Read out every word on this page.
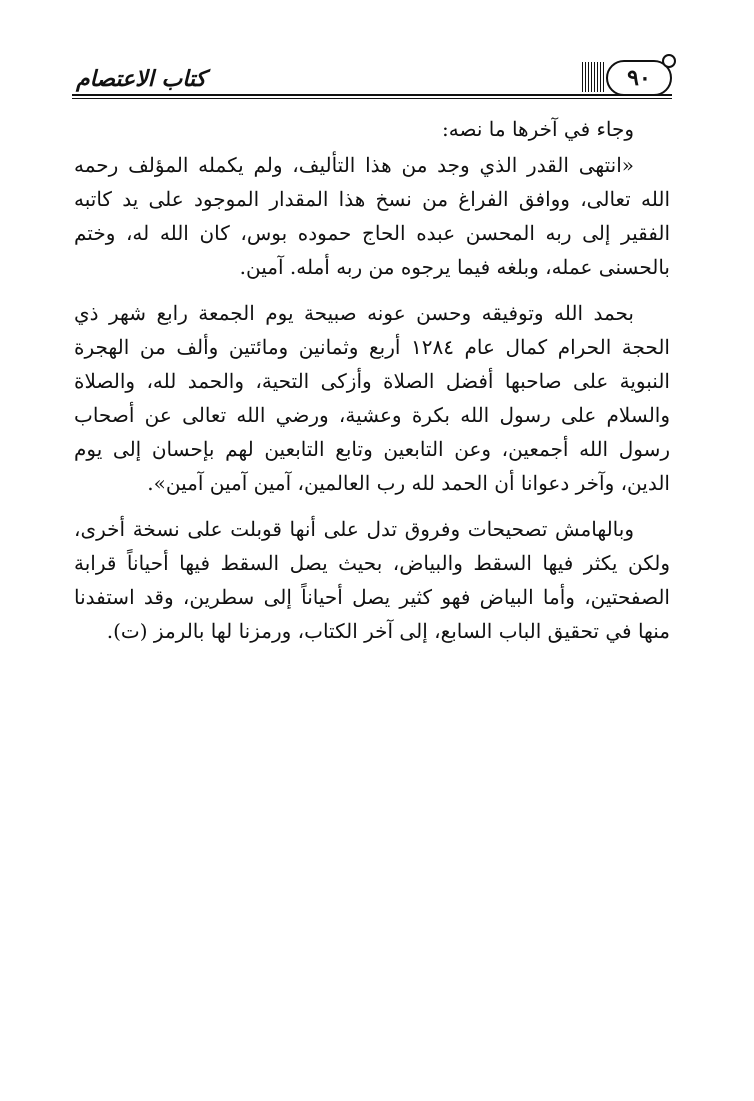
كتاب الاعتصام	٩٠

وجاء في آخرها ما نصه:

«انتهى القدر الذي وجد من هذا التأليف، ولم يكمله المؤلف رحمه الله تعالى، ووافق الفراغ من نسخ هذا المقدار الموجود على يد كاتبه الفقير إلى ربه المحسن عبده الحاج حموده بوس، كان الله له، وختم بالحسنى عمله، وبلغه فيما يرجوه من ربه أمله. آمين.

بحمد الله وتوفيقه وحسن عونه صبيحة يوم الجمعة رابع شهر ذي الحجة الحرام كمال عام ١٢٨٤ أربع وثمانين ومائتين وألف من الهجرة النبوية على صاحبها أفضل الصلاة وأزكى التحية، والحمد لله، والصلاة والسلام على رسول الله بكرة وعشية، ورضي الله تعالى عن أصحاب رسول الله أجمعين، وعن التابعين وتابع التابعين لهم بإحسان إلى يوم الدين، وآخر دعوانا أن الحمد لله رب العالمين، آمين آمين آمين».

وبالهامش تصحيحات وفروق تدل على أنها قوبلت على نسخة أخرى، ولكن يكثر فيها السقط والبياض، بحيث يصل السقط فيها أحياناً قرابة الصفحتين، وأما البياض فهو كثير يصل أحياناً إلى سطرين، وقد استفدنا منها في تحقيق الباب السابع، إلى آخر الكتاب، ورمزنا لها بالرمز (ت).
